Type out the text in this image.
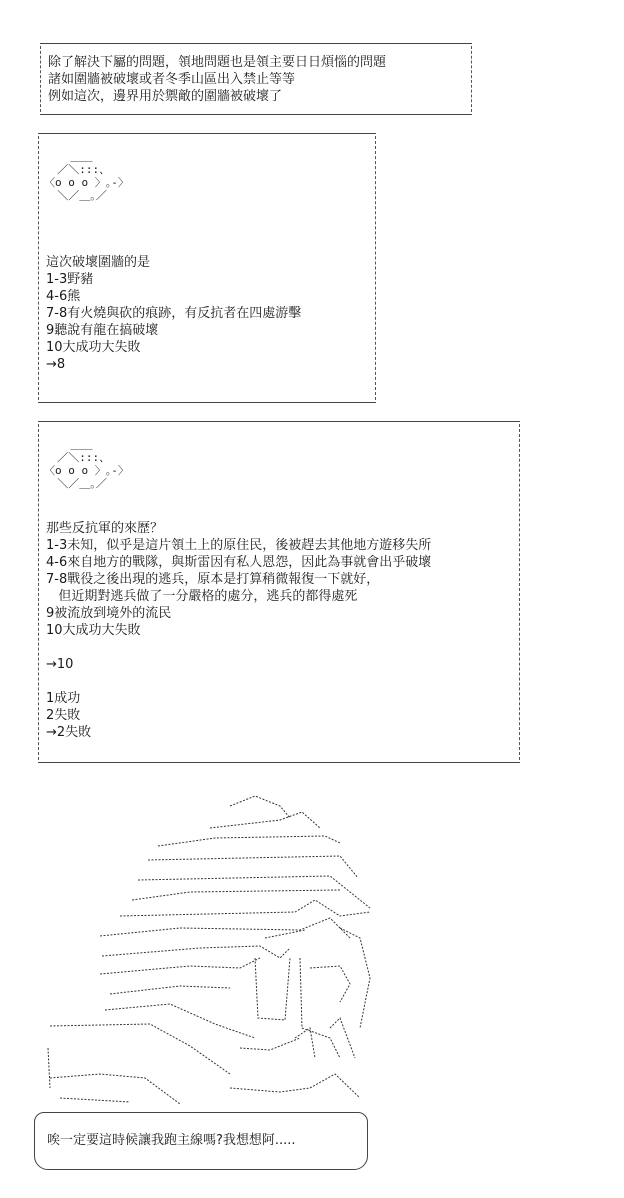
除了解決下屬的問題，領地問題也是領主要日日煩惱的問題
諸如圍牆被破壞或者冬季山區出入禁止等等
例如這次，邊界用於禦敵的圍牆被破壞了
＿＿
／＼:::、
〈o o o 〉｡-〉
＼／＿｡／
這次破壞圍牆的是
1-3野豬
4-6熊
7-8有火燒與砍的痕跡，有反抗者在四處游擊
9聽說有龍在搞破壞
10大成功大失敗
→8
＿＿
／＼:::、
〈o o o 〉｡-〉
＼／＿｡／
那些反抗軍的來歷？
1-3未知，似乎是這片領土上的原住民，後被趕去其他地方遊移失所
4-6來自地方的戰隊，與斯雷因有私人恩怨，因此為事就會出乎破壞
7-8戰役之後出現的逃兵，原本是打算稍微報復一下就好，
但近期對逃兵做了一分嚴格的處分，逃兵的都得處死
9被流放到境外的流民
10大成功大失敗
→10
1成功
2失敗
→2失敗
唉一定要這時候讓我跑主線嗎?我想想阿.....
